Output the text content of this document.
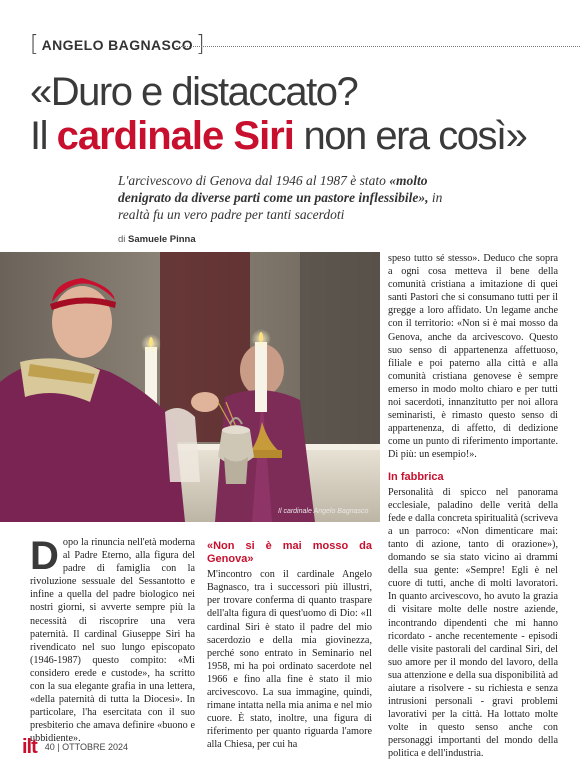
[ ANGELO BAGNASCO ]
«Duro e distaccato?
Il cardinale Siri non era così»
L'arcivescovo di Genova dal 1946 al 1987 è stato «molto denigrato da diverse parti come un pastore inflessibile», in realtà fu un vero padre per tanti sacerdoti
di Samuele Pinna
Il cardinale Angelo Bagnasco
D opo la rinuncia nell'età moderna al Padre Eterno, alla figura del padre di famiglia con la rivoluzione sessuale del Sessantotto e infine a quella del padre biologico nei nostri giorni, si avverte sempre più la necessità di riscoprire una vera paternità. Il cardinal Giuseppe Siri ha rivendicato nel suo lungo episcopato (1946-1987) questo compito: «Mi considero erede e custode», ha scritto con la sua elegante grafia in una lettera, «della paternità di tutta la Diocesi». In particolare, l'ha esercitata con il suo presbiterio che amava definire «buono e ubbidiente».
«Non si è mai mosso da Genova»
M'incontro con il cardinale Angelo Bagnasco, tra i successori più illustri, per trovare conferma di quanto traspare dell'alta figura di quest'uomo di Dio: «Il cardinal Siri è stato il padre del mio sacerdozio e della mia giovinezza, perché sono entrato in Seminario nel 1958, mi ha poi ordinato sacerdote nel 1966 e fino alla fine è stato il mio arcivescovo. La sua immagine, quindi, rimane intatta nella mia anima e nel mio cuore. È stato, inoltre, una figura di riferimento per quanto riguarda l'amore alla Chiesa, per cui ha
speso tutto sé stesso». Deduco che sopra a ogni cosa metteva il bene della comunità cristiana a imitazione di quei santi Pastori che si consumano tutti per il gregge a loro affidato. Un legame anche con il territorio: «Non si è mai mosso da Genova, anche da arcivescovo. Questo suo senso di appartenenza affettuoso, filiale e poi paterno alla città e alla comunità cristiana genovese è sempre emerso in modo molto chiaro e per tutti noi sacerdoti, innanzitutto per noi allora seminaristi, è rimasto questo senso di appartenenza, di affetto, di dedizione come un punto di riferimento importante. Di più: un esempio!».
In fabbrica
Personalità di spicco nel panorama ecclesiale, paladino delle verità della fede e dalla concreta spiritualità (scriveva a un parroco: «Non dimenticare mai: tanto di azione, tanto di orazione»), domando se sia stato vicino ai drammi della sua gente: «Sempre! Egli è nel cuore di tutti, anche di molti lavoratori. In quanto arcivescovo, ho avuto la grazia di visitare molte delle nostre aziende, incontrando dipendenti che mi hanno ricordato - anche recentemente - episodi delle visite pastorali del cardinal Siri, del suo amore per il mondo del lavoro, della sua attenzione e della sua disponibilità ad aiutare a risolvere - su richiesta e senza intrusioni personali - gravi problemi lavorativi per la città. Ha lottato molte volte in questo senso anche con personaggi importanti del mondo della politica e dell'industria.
ilt 40 | OTTOBRE 2024
